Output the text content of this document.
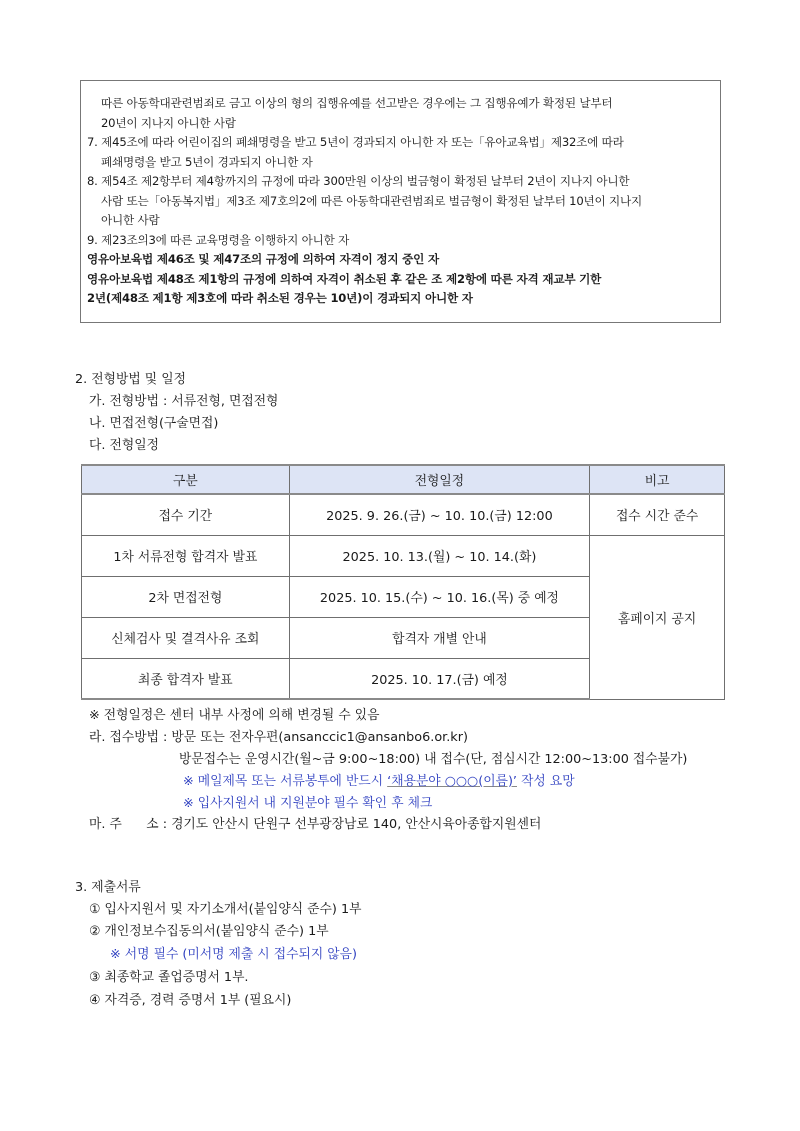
따른 아동학대관련범죄로 금고 이상의 형의 집행유예를 선고받은 경우에는 그 집행유예가 확정된 날부터
20년이 지나지 아니한 사람
7. 제45조에 따라 어린이집의 폐쇄명령을 받고 5년이 경과되지 아니한 자 또는「유아교육법」제32조에 따라
폐쇄명령을 받고 5년이 경과되지 아니한 자
8. 제54조 제2항부터 제4항까지의 규정에 따라 300만원 이상의 벌금형이 확정된 날부터 2년이 지나지 아니한
사람 또는「아동복지법」제3조 제7호의2에 따른 아동학대관련범죄로 벌금형이 확정된 날부터 10년이 지나지
아니한 사람
9. 제23조의3에 따른 교육명령을 이행하지 아니한 자
영유아보육법 제46조 및 제47조의 규정에 의하여 자격이 정지 중인 자
영유아보육법 제48조 제1항의 규정에 의하여 자격이 취소된 후 같은 조 제2항에 따른 자격 재교부 기한
2년(제48조 제1항 제3호에 따라 취소된 경우는 10년)이 경과되지 아니한 자
2. 전형방법 및 일정
가. 전형방법 : 서류전형, 면접전형
나. 면접전형(구술면접)
다. 전형일정
구분	전형일정	비고
접수 기간	2025. 9. 26.(금) ~ 10. 10.(금) 12:00	접수 시간 준수
1차 서류전형 합격자 발표	2025. 10. 13.(월) ~ 10. 14.(화)	홈페이지 공지
2차 면접전형	2025. 10. 15.(수) ~ 10. 16.(목) 중 예정	
신체검사 및 결격사유 조회	합격자 개별 안내	
최종 합격자 발표	2025. 10. 17.(금) 예정	
※ 전형일정은 센터 내부 사정에 의해 변경될 수 있음
라. 접수방법 : 방문 또는 전자우편(ansanccic1@ansanbo6.or.kr)
방문접수는 운영시간(월~금 9:00~18:00) 내 접수(단, 점심시간 12:00~13:00 접수불가)
※ 메일제목 또는 서류봉투에 반드시 ‘채용분야 ○○○(이름)’ 작성 요망
※ 입사지원서 내 지원분야 필수 확인 후 체크
마. 주      소 : 경기도 안산시 단원구 선부광장남로 140, 안산시육아종합지원센터
3. 제출서류
① 입사지원서 및 자기소개서(붙임양식 준수) 1부
② 개인정보수집동의서(붙임양식 준수) 1부
※ 서명 필수 (미서명 제출 시 접수되지 않음)
③ 최종학교 졸업증명서 1부.
④ 자격증, 경력 증명서 1부 (필요시)
